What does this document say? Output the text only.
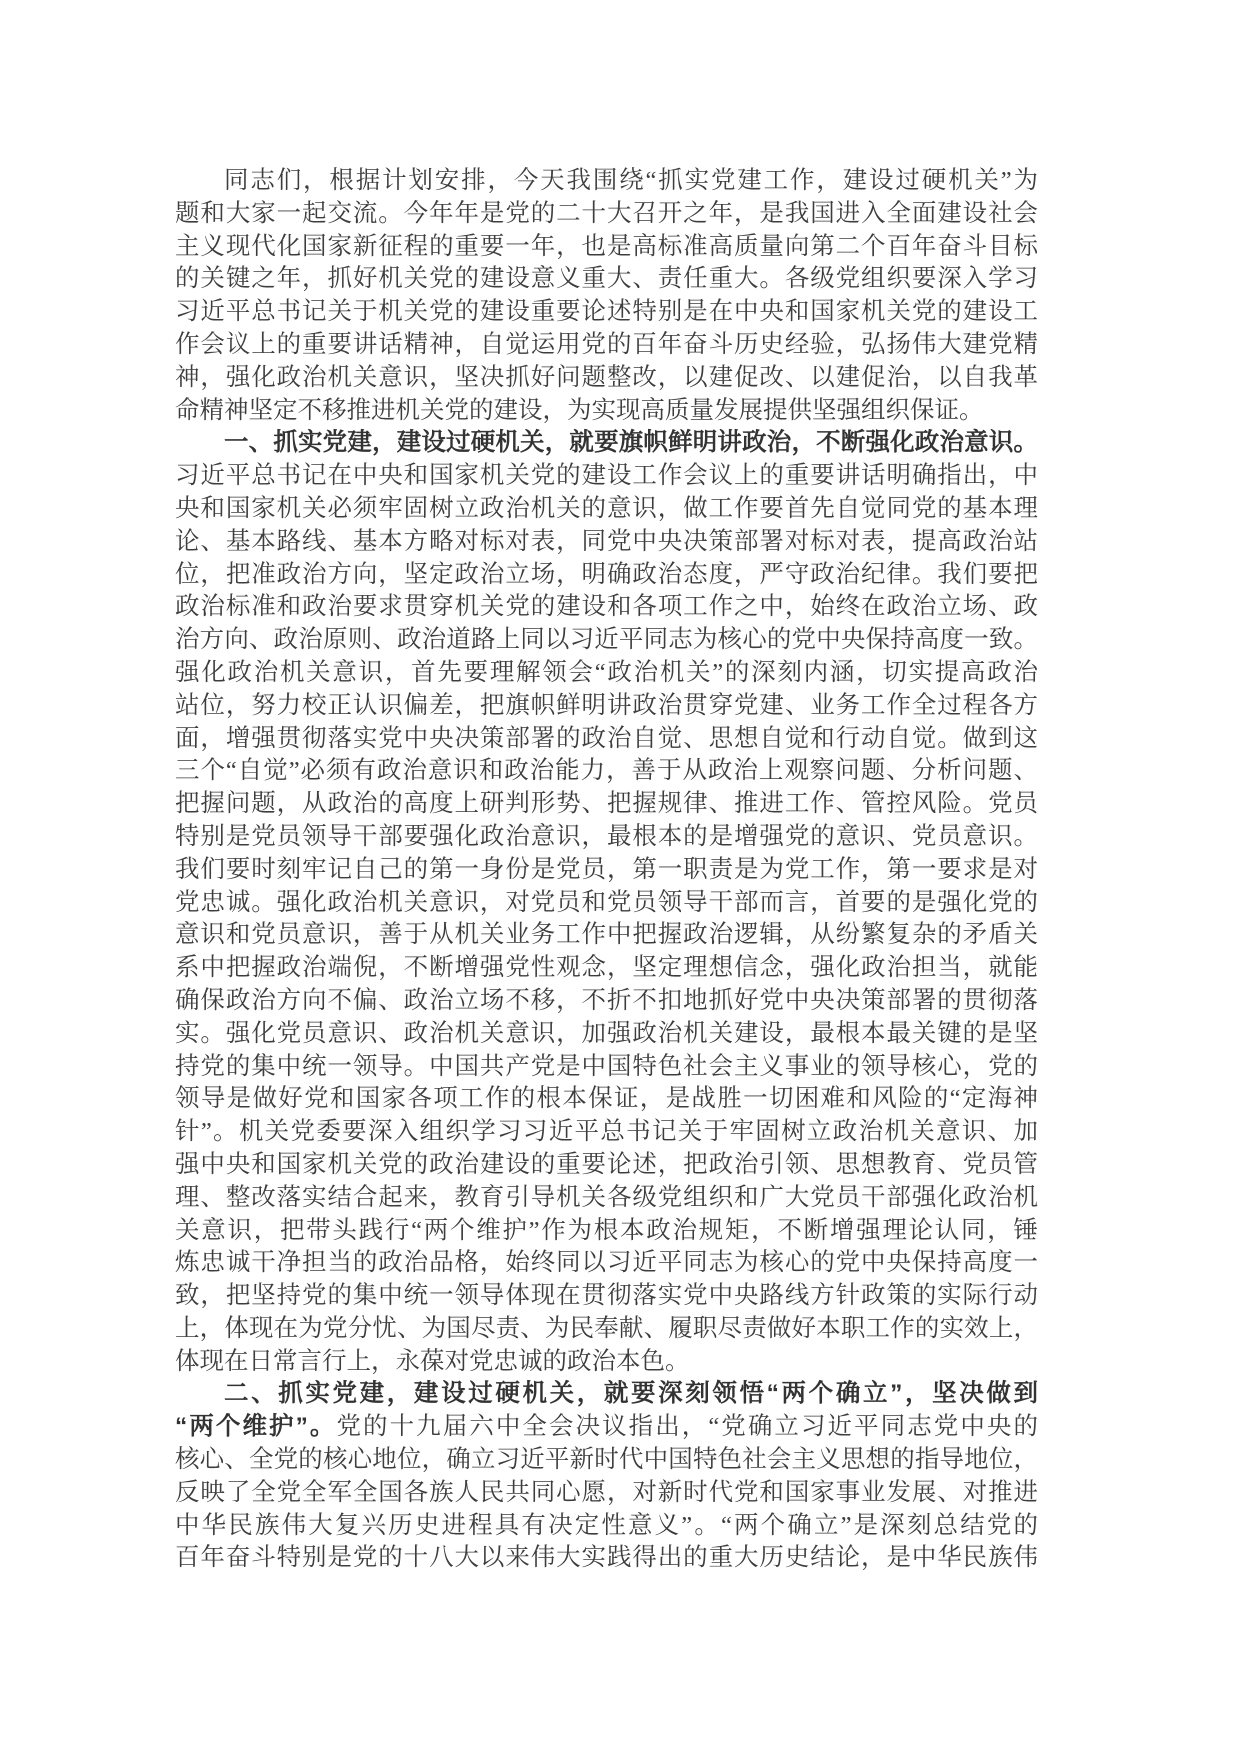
同志们，根据计划安排，今天我围绕“抓实党建工作，建设过硬机关”为
题和大家一起交流。今年年是党的二十大召开之年，是我国进入全面建设社会
主义现代化国家新征程的重要一年，也是高标准高质量向第二个百年奋斗目标
的关键之年，抓好机关党的建设意义重大、责任重大。各级党组织要深入学习
习近平总书记关于机关党的建设重要论述特别是在中央和国家机关党的建设工
作会议上的重要讲话精神，自觉运用党的百年奋斗历史经验，弘扬伟大建党精
神，强化政治机关意识，坚决抓好问题整改，以建促改、以建促治，以自我革
命精神坚定不移推进机关党的建设，为实现高质量发展提供坚强组织保证。
一、抓实党建，建设过硬机关，就要旗帜鲜明讲政治，不断强化政治意识。
习近平总书记在中央和国家机关党的建设工作会议上的重要讲话明确指出，中
央和国家机关必须牢固树立政治机关的意识，做工作要首先自觉同党的基本理
论、基本路线、基本方略对标对表，同党中央决策部署对标对表，提高政治站
位，把准政治方向，坚定政治立场，明确政治态度，严守政治纪律。我们要把
政治标准和政治要求贯穿机关党的建设和各项工作之中，始终在政治立场、政
治方向、政治原则、政治道路上同以习近平同志为核心的党中央保持高度一致。
强化政治机关意识，首先要理解领会“政治机关”的深刻内涵，切实提高政治
站位，努力校正认识偏差，把旗帜鲜明讲政治贯穿党建、业务工作全过程各方
面，增强贯彻落实党中央决策部署的政治自觉、思想自觉和行动自觉。做到这
三个“自觉”必须有政治意识和政治能力，善于从政治上观察问题、分析问题、
把握问题，从政治的高度上研判形势、把握规律、推进工作、管控风险。党员
特别是党员领导干部要强化政治意识，最根本的是增强党的意识、党员意识。
我们要时刻牢记自己的第一身份是党员，第一职责是为党工作，第一要求是对
党忠诚。强化政治机关意识，对党员和党员领导干部而言，首要的是强化党的
意识和党员意识，善于从机关业务工作中把握政治逻辑，从纷繁复杂的矛盾关
系中把握政治端倪，不断增强党性观念，坚定理想信念，强化政治担当，就能
确保政治方向不偏、政治立场不移，不折不扣地抓好党中央决策部署的贯彻落
实。强化党员意识、政治机关意识，加强政治机关建设，最根本最关键的是坚
持党的集中统一领导。中国共产党是中国特色社会主义事业的领导核心，党的
领导是做好党和国家各项工作的根本保证，是战胜一切困难和风险的“定海神
针”。机关党委要深入组织学习习近平总书记关于牢固树立政治机关意识、加
强中央和国家机关党的政治建设的重要论述，把政治引领、思想教育、党员管
理、整改落实结合起来，教育引导机关各级党组织和广大党员干部强化政治机
关意识，把带头践行“两个维护”作为根本政治规矩，不断增强理论认同，锤
炼忠诚干净担当的政治品格，始终同以习近平同志为核心的党中央保持高度一
致，把坚持党的集中统一领导体现在贯彻落实党中央路线方针政策的实际行动
上，体现在为党分忧、为国尽责、为民奉献、履职尽责做好本职工作的实效上，
体现在日常言行上，永葆对党忠诚的政治本色。
二、抓实党建，建设过硬机关，就要深刻领悟“两个确立”，坚决做到
“两个维护”。党的十九届六中全会决议指出，“党确立习近平同志党中央的
核心、全党的核心地位，确立习近平新时代中国特色社会主义思想的指导地位，
反映了全党全军全国各族人民共同心愿，对新时代党和国家事业发展、对推进
中华民族伟大复兴历史进程具有决定性意义”。“两个确立”是深刻总结党的
百年奋斗特别是党的十八大以来伟大实践得出的重大历史结论，是中华民族伟
